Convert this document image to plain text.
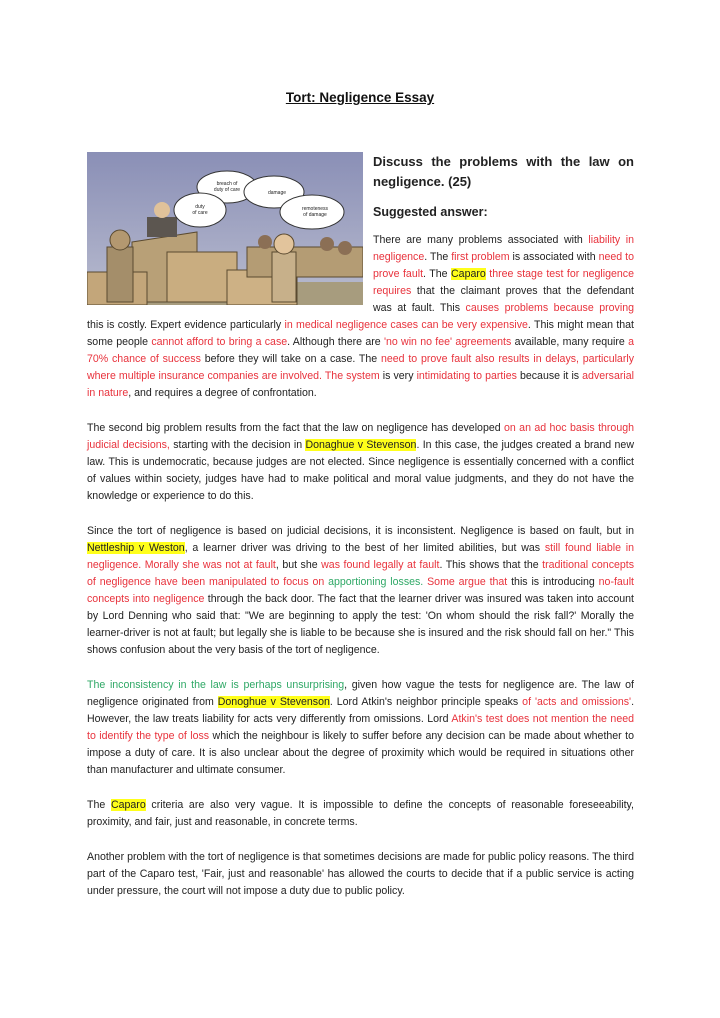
Tort: Negligence Essay
breach of
duty of care	damage
duty
of care
remoteness
of damage
Discuss the problems with the law on negligence. (25)
Suggested answer:

There are many problems associated with liability in negligence. The first problem is associated with need to prove fault. The Caparo three stage test for negligence requires that the claimant proves that the defendant was at fault. This causes problems because proving this is costly. Expert evidence particularly in medical negligence cases can be very expensive. This might mean that some people cannot afford to bring a case. Although there are 'no win no fee' agreements available, many require a 70% chance of success before they will take on a case. The need to prove fault also results in delays, particularly where multiple insurance companies are involved. The system is very intimidating to parties because it is adversarial in nature, and requires a degree of confrontation.

The second big problem results from the fact that the law on negligence has developed on an ad hoc basis through judicial decisions, starting with the decision in Donaghue v Stevenson. In this case, the judges created a brand new law. This is undemocratic, because judges are not elected. Since negligence is essentially concerned with a conflict of values within society, judges have had to make political and moral value judgments, and they do not have the knowledge or experience to do this.

Since the tort of negligence is based on judicial decisions, it is inconsistent. Negligence is based on fault, but in Nettleship v Weston, a learner driver was driving to the best of her limited abilities, but was still found liable in negligence. Morally she was not at fault, but she was found legally at fault. This shows that the traditional concepts of negligence have been manipulated to focus on apportioning losses. Some argue that this is introducing no-fault concepts into negligence through the back door. The fact that the learner driver was insured was taken into account by Lord Denning who said that: "We are beginning to apply the test: 'On whom should the risk fall?' Morally the learner-driver is not at fault; but legally she is liable to be because she is insured and the risk should fall on her." This shows confusion about the very basis of the tort of negligence.

The inconsistency in the law is perhaps unsurprising, given how vague the tests for negligence are. The law of negligence originated from Donoghue v Stevenson. Lord Atkin's neighbor principle speaks of 'acts and omissions'. However, the law treats liability for acts very differently from omissions. Lord Atkin's test does not mention the need to identify the type of loss which the neighbour is likely to suffer before any decision can be made about whether to impose a duty of care. It is also unclear about the degree of proximity which would be required in situations other than manufacturer and ultimate consumer.

The Caparo criteria are also very vague. It is impossible to define the concepts of reasonable foreseeability, proximity, and fair, just and reasonable, in concrete terms.

Another problem with the tort of negligence is that sometimes decisions are made for public policy reasons. The third part of the Caparo test, 'Fair, just and reasonable' has allowed the courts to decide that if a public service is acting under pressure, the court will not impose a duty due to public policy.
